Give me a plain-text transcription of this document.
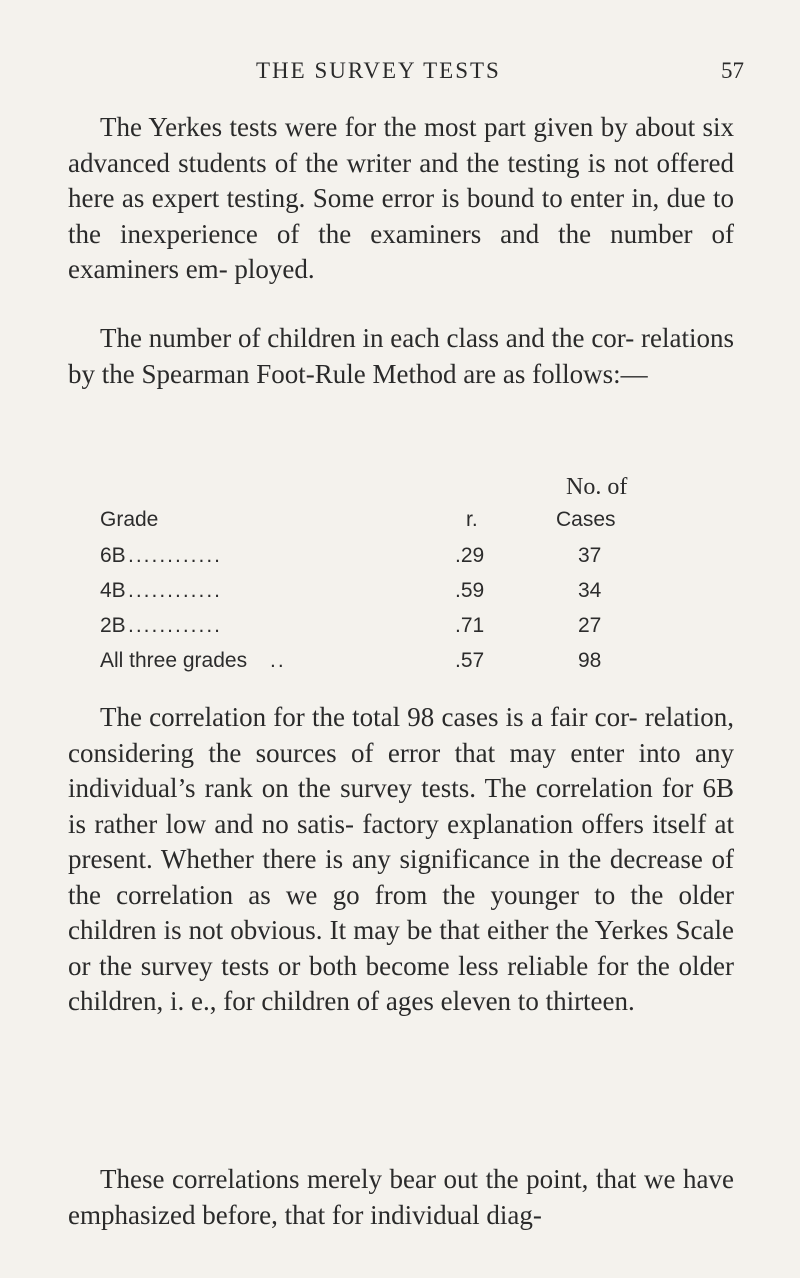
THE SURVEY TESTS	57

The Yerkes tests were for the most part given by about six advanced students of the writer and the testing is not offered here as expert testing. Some error is bound to enter in, due to the inexperience of the examiners and the number of examiners em- ployed.

The number of children in each class and the cor- relations by the Spearman Foot-Rule Method are as follows:—

No. of
Grade	r.	Cases
6B ............	.29	37
4B ............	.59	34
2B ............	.71	27
All three grades ..	.57	98

The correlation for the total 98 cases is a fair cor- relation, considering the sources of error that may enter into any individual’s rank on the survey tests. The correlation for 6B is rather low and no satis- factory explanation offers itself at present. Whether there is any significance in the decrease of the correlation as we go from the younger to the older children is not obvious. It may be that either the Yerkes Scale or the survey tests or both become less reliable for the older children, i. e., for children of ages eleven to thirteen.

These correlations merely bear out the point, that we have emphasized before, that for individual diag-
